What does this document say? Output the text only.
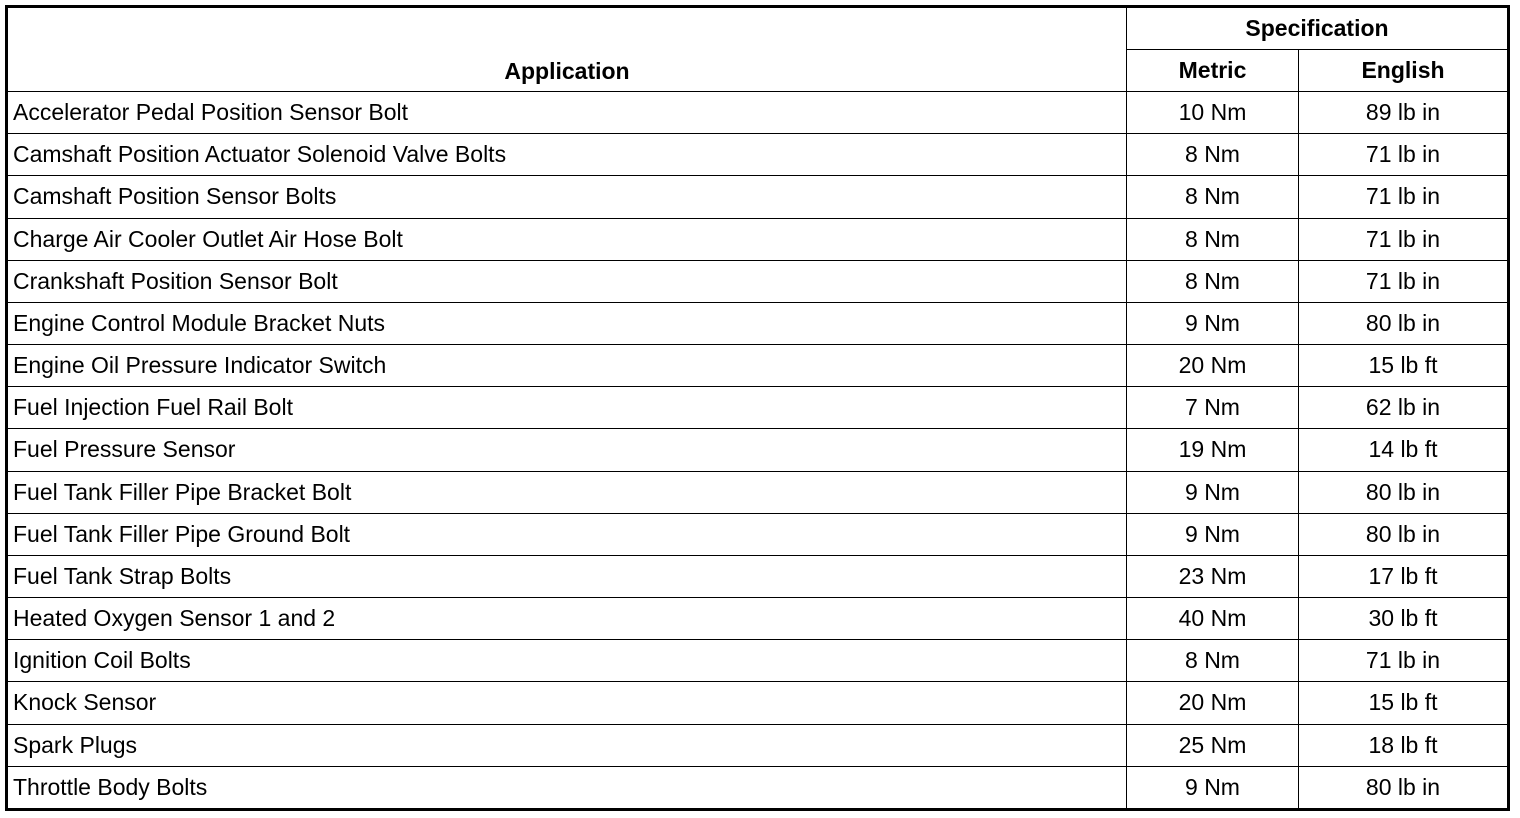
Application	Specification	
	Metric	English
Accelerator Pedal Position Sensor Bolt	10 Nm	89 lb in
Camshaft Position Actuator Solenoid Valve Bolts	8 Nm	71 lb in
Camshaft Position Sensor Bolts	8 Nm	71 lb in
Charge Air Cooler Outlet Air Hose Bolt	8 Nm	71 lb in
Crankshaft Position Sensor Bolt	8 Nm	71 lb in
Engine Control Module Bracket Nuts	9 Nm	80 lb in
Engine Oil Pressure Indicator Switch	20 Nm	15 lb ft
Fuel Injection Fuel Rail Bolt	7 Nm	62 lb in
Fuel Pressure Sensor	19 Nm	14 lb ft
Fuel Tank Filler Pipe Bracket Bolt	9 Nm	80 lb in
Fuel Tank Filler Pipe Ground Bolt	9 Nm	80 lb in
Fuel Tank Strap Bolts	23 Nm	17 lb ft
Heated Oxygen Sensor 1 and 2	40 Nm	30 lb ft
Ignition Coil Bolts	8 Nm	71 lb in
Knock Sensor	20 Nm	15 lb ft
Spark Plugs	25 Nm	18 lb ft
Throttle Body Bolts	9 Nm	80 lb in
